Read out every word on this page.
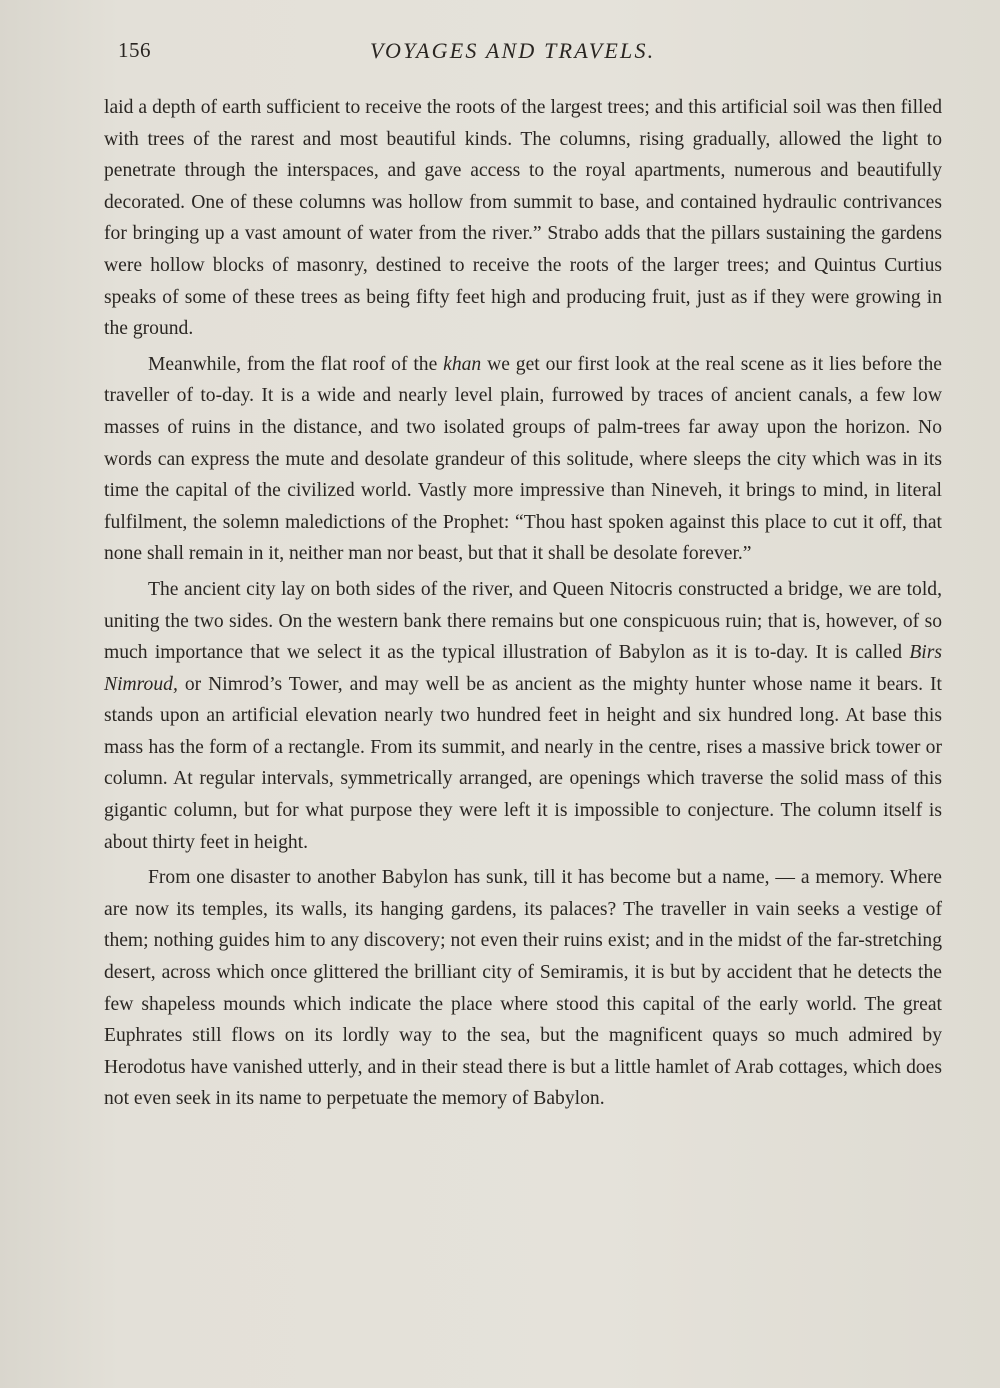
156	VOYAGES AND TRAVELS.

laid a depth of earth sufficient to receive the roots of the largest trees; and this artificial soil was then filled with trees of the rarest and most beautiful kinds. The columns, rising gradually, allowed the light to penetrate through the interspaces, and gave access to the royal apartments, numerous and beautifully decorated. One of these columns was hollow from summit to base, and contained hydraulic contrivances for bringing up a vast amount of water from the river.” Strabo adds that the pillars sustaining the gardens were hollow blocks of masonry, destined to receive the roots of the larger trees; and Quintus Curtius speaks of some of these trees as being fifty feet high and producing fruit, just as if they were growing in the ground.

Meanwhile, from the flat roof of the khan we get our first look at the real scene as it lies before the traveller of to-day. It is a wide and nearly level plain, furrowed by traces of ancient canals, a few low masses of ruins in the distance, and two isolated groups of palm-trees far away upon the horizon. No words can express the mute and desolate grandeur of this solitude, where sleeps the city which was in its time the capital of the civilized world. Vastly more impressive than Nineveh, it brings to mind, in literal fulfilment, the solemn maledictions of the Prophet: “Thou hast spoken against this place to cut it off, that none shall remain in it, neither man nor beast, but that it shall be desolate forever.”

The ancient city lay on both sides of the river, and Queen Nitocris constructed a bridge, we are told, uniting the two sides. On the western bank there remains but one conspicuous ruin; that is, however, of so much importance that we select it as the typical illustration of Babylon as it is to-day. It is called Birs Nimroud, or Nimrod’s Tower, and may well be as ancient as the mighty hunter whose name it bears. It stands upon an artificial elevation nearly two hundred feet in height and six hundred long. At base this mass has the form of a rectangle. From its summit, and nearly in the centre, rises a massive brick tower or column. At regular intervals, symmetrically arranged, are openings which traverse the solid mass of this gigantic column, but for what purpose they were left it is impossible to conjecture. The column itself is about thirty feet in height.

From one disaster to another Babylon has sunk, till it has become but a name, — a memory. Where are now its temples, its walls, its hanging gardens, its palaces? The traveller in vain seeks a vestige of them; nothing guides him to any discovery; not even their ruins exist; and in the midst of the far-stretching desert, across which once glittered the brilliant city of Semiramis, it is but by accident that he detects the few shapeless mounds which indicate the place where stood this capital of the early world. The great Euphrates still flows on its lordly way to the sea, but the magnificent quays so much admired by Herodotus have vanished utterly, and in their stead there is but a little hamlet of Arab cottages, which does not even seek in its name to perpetuate the memory of Babylon.
